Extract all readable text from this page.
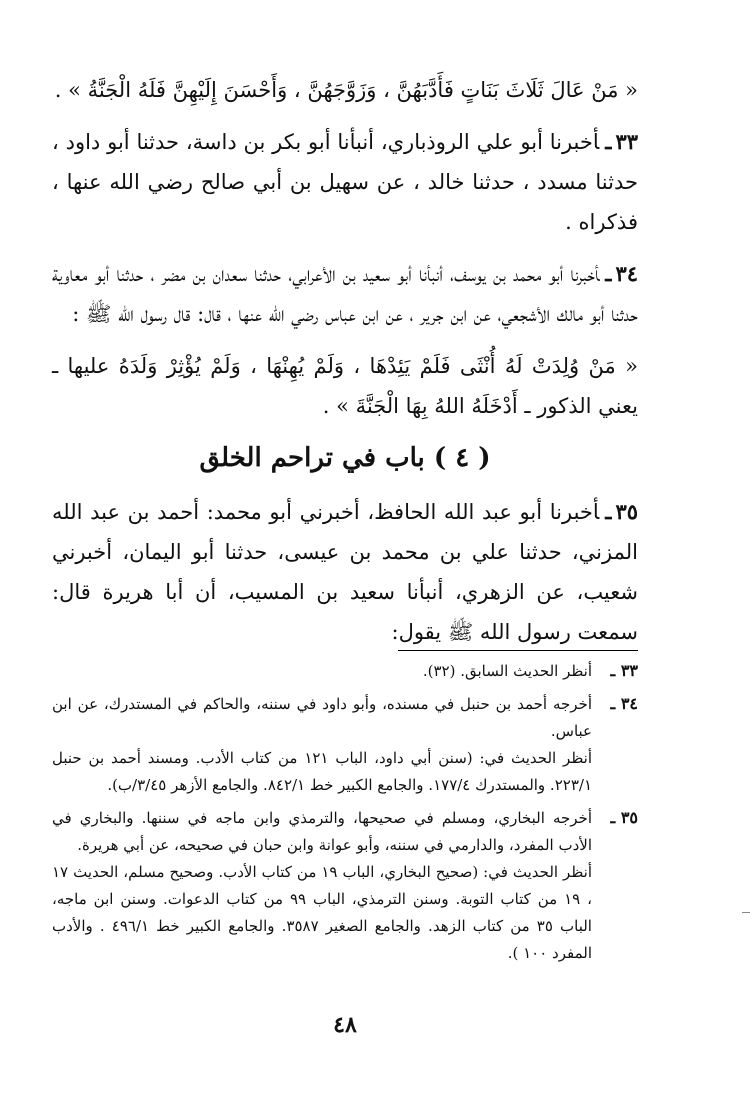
« مَنْ عَالَ ثَلَاثَ بَنَاتٍ فَأَدَّبَهُنَّ ، وَزَوَّجَهُنَّ ، وَأَحْسَنَ إِلَيْهِنَّ فَلَهُ الْجَنَّةُ » .

٣٣ـأخبرنا أبو علي الروذباري، أنبأنا أبو بكر بن داسة، حدثنا أبو داود ، حدثنا مسدد ، حدثنا خالد ، عن سهيل بن أبي صالح رضي الله عنها ، فذكراه .

٣٤ـأخبرنا أبو محمد بن يوسف، أنبأنا أبو سعيد بن الأعرابي، حدثنا سعدان بن مضر ، حدثنا أبو معاوية حدثنا أبو مالك الأشجعي، عن ابن جرير ، عن ابن عباس رضي الله عنها ، قال: قال رسول الله ﷺ :

« مَنْ وُلِدَتْ لَهُ أُنْثَى فَلَمْ يَئِدْهَا ، وَلَمْ يُهِنْهَا ، وَلَمْ يُؤْثِرْ وَلَدَهُ عليها ـ يعني الذكور ـ أَدْخَلَهُ اللهُ بِهَا الْجَنَّةَ » .

( ٤ ) باب في تراحم الخلق

٣٥ـأخبرنا أبو عبد الله الحافظ، أخبرني أبو محمد: أحمد بن عبد الله المزني، حدثنا علي بن محمد بن عيسى، حدثنا أبو اليمان، أخبرني شعيب، عن الزهري، أنبأنا سعيد بن المسيب، أن أبا هريرة قال: سمعت رسول الله ﷺ يقول:

٣٣ ـ
أنظر الحديث السابق. (٣٢).
٣٤ ـ
أخرجه أحمد بن حنبل في مسنده، وأبو داود في سننه، والحاكم في المستدرك، عن ابن عباس.
أنظر الحديث في: (سنن أبي داود، الباب ١٢١ من كتاب الأدب. ومسند أحمد بن حنبل ٢٢٣/١. والمستدرك ١٧٧/٤. والجامع الكبير خط ٨٤٢/١. والجامع الأزهر ٣/٤٥/ب).
٣٥ ـ
أخرجه البخاري، ومسلم في صحيحها، والترمذي وابن ماجه في سننها. والبخاري في الأدب المفرد، والدارمي في سننه، وأبو عوانة وابن حبان في صحيحه، عن أبي هريرة.
أنظر الحديث في: (صحيح البخاري، الباب ١٩ من كتاب الأدب. وصحيح مسلم، الحديث ١٧ ، ١٩ من كتاب التوبة. وسنن الترمذي، الباب ٩٩ من كتاب الدعوات. وسنن ابن ماجه، الباب ٣٥ من كتاب الزهد. والجامع الصغير ٣٥٨٧. والجامع الكبير خط ٤٩٦/١ . والأدب المفرد ١٠٠ ).
٤٨
